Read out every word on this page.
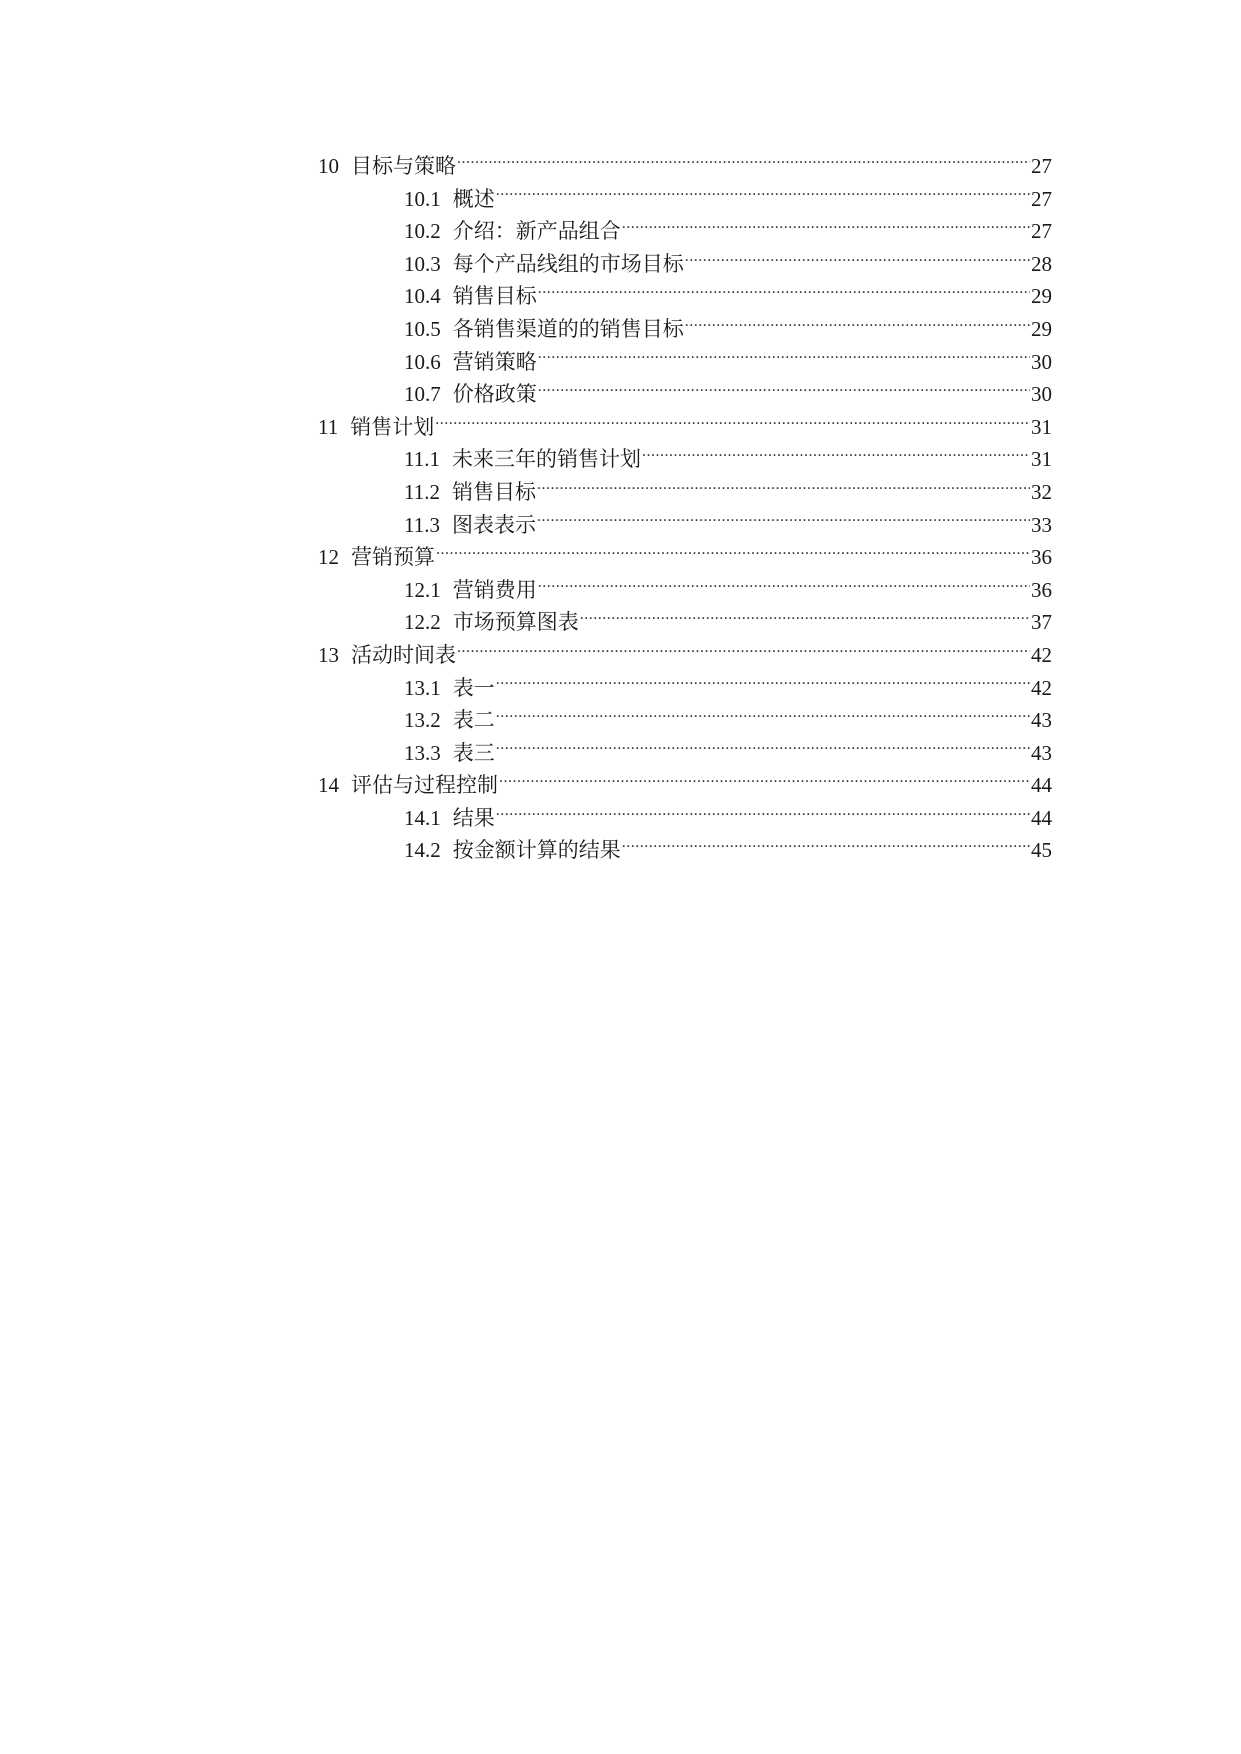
10 目标与策略 .....	27
10.1 概述 .....	27
10.2 介绍：新产品组合 .....	27
10.3 每个产品线组的市场目标 .....	28
10.4 销售目标 .....	29
10.5 各销售渠道的的销售目标 .....	29
10.6 营销策略 .....	30
10.7 价格政策 .....	30
11 销售计划 .....	31
11.1 未来三年的销售计划 .....	31
11.2 销售目标 .....	32
11.3 图表表示 .....	33
12 营销预算 .....	36
12.1 营销费用 .....	36
12.2 市场预算图表 .....	37
13 活动时间表 .....	42
13.1 表一 .....	42
13.2 表二 .....	43
13.3 表三 .....	43
14 评估与过程控制 .....	44
14.1 结果 .....	44
14.2 按金额计算的结果 .....	45
